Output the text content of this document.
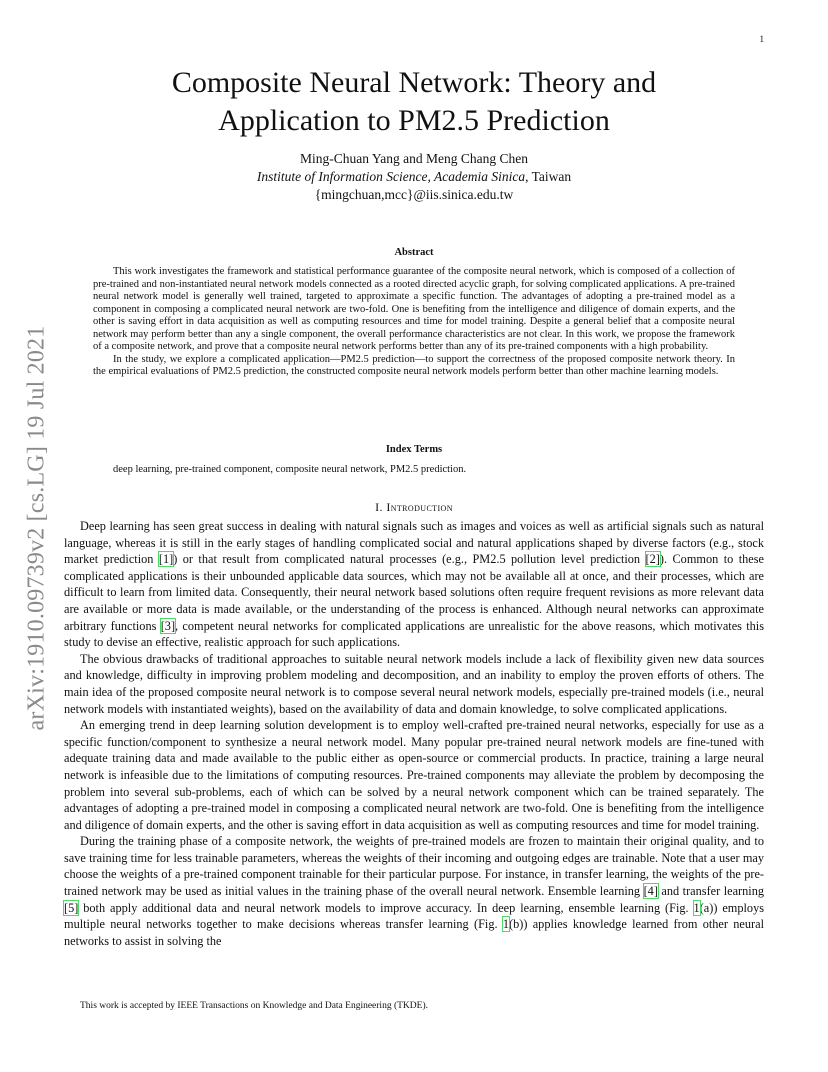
1
arXiv:1910.09739v2 [cs.LG] 19 Jul 2021
Composite Neural Network: Theory and
Application to PM2.5 Prediction
Ming-Chuan Yang and Meng Chang Chen
Institute of Information Science, Academia Sinica, Taiwan
{mingchuan,mcc}@iis.sinica.edu.tw
Abstract

This work investigates the framework and statistical performance guarantee of the composite neural network, which is composed of a collection of pre-trained and non-instantiated neural network models connected as a rooted directed acyclic graph, for solving complicated applications. A pre-trained neural network model is generally well trained, targeted to approximate a specific function. The advantages of adopting a pre-trained model as a component in composing a complicated neural network are two-fold. One is benefiting from the intelligence and diligence of domain experts, and the other is saving effort in data acquisition as well as computing resources and time for model training. Despite a general belief that a composite neural network may perform better than any a single component, the overall performance characteristics are not clear. In this work, we propose the framework of a composite network, and prove that a composite neural network performs better than any of its pre-trained components with a high probability.

In the study, we explore a complicated application—PM2.5 prediction—to support the correctness of the proposed composite network theory. In the empirical evaluations of PM2.5 prediction, the constructed composite neural network models perform better than other machine learning models.

Index Terms
deep learning, pre-trained component, composite neural network, PM2.5 prediction.
I. Introduction

Deep learning has seen great success in dealing with natural signals such as images and voices as well as artificial signals such as natural language, whereas it is still in the early stages of handling complicated social and natural applications shaped by diverse factors (e.g., stock market prediction [1]) or that result from complicated natural processes (e.g., PM2.5 pollution level prediction [2]). Common to these complicated applications is their unbounded applicable data sources, which may not be available all at once, and their processes, which are difficult to learn from limited data. Consequently, their neural network based solutions often require frequent revisions as more relevant data are available or more data is made available, or the understanding of the process is enhanced. Although neural networks can approximate arbitrary functions [3], competent neural networks for complicated applications are unrealistic for the above reasons, which motivates this study to devise an effective, realistic approach for such applications.

The obvious drawbacks of traditional approaches to suitable neural network models include a lack of flexibility given new data sources and knowledge, difficulty in improving problem modeling and decomposition, and an inability to employ the proven efforts of others. The main idea of the proposed composite neural network is to compose several neural network models, especially pre-trained models (i.e., neural network models with instantiated weights), based on the availability of data and domain knowledge, to solve complicated applications.

An emerging trend in deep learning solution development is to employ well-crafted pre-trained neural networks, especially for use as a specific function/component to synthesize a neural network model. Many popular pre-trained neural network models are fine-tuned with adequate training data and made available to the public either as open-source or commercial products. In practice, training a large neural network is infeasible due to the limitations of computing resources. Pre-trained components may alleviate the problem by decomposing the problem into several sub-problems, each of which can be solved by a neural network component which can be trained separately. The advantages of adopting a pre-trained model in composing a complicated neural network are two-fold. One is benefiting from the intelligence and diligence of domain experts, and the other is saving effort in data acquisition as well as computing resources and time for model training.

During the training phase of a composite network, the weights of pre-trained models are frozen to maintain their original quality, and to save training time for less trainable parameters, whereas the weights of their incoming and outgoing edges are trainable. Note that a user may choose the weights of a pre-trained component trainable for their particular purpose. For instance, in transfer learning, the weights of the pre-trained network may be used as initial values in the training phase of the overall neural network. Ensemble learning [4] and transfer learning [5] both apply additional data and neural network models to improve accuracy. In deep learning, ensemble learning (Fig. 1(a)) employs multiple neural networks together to make decisions whereas transfer learning (Fig. 1(b)) applies knowledge learned from other neural networks to assist in solving the

This work is accepted by IEEE Transactions on Knowledge and Data Engineering (TKDE).
